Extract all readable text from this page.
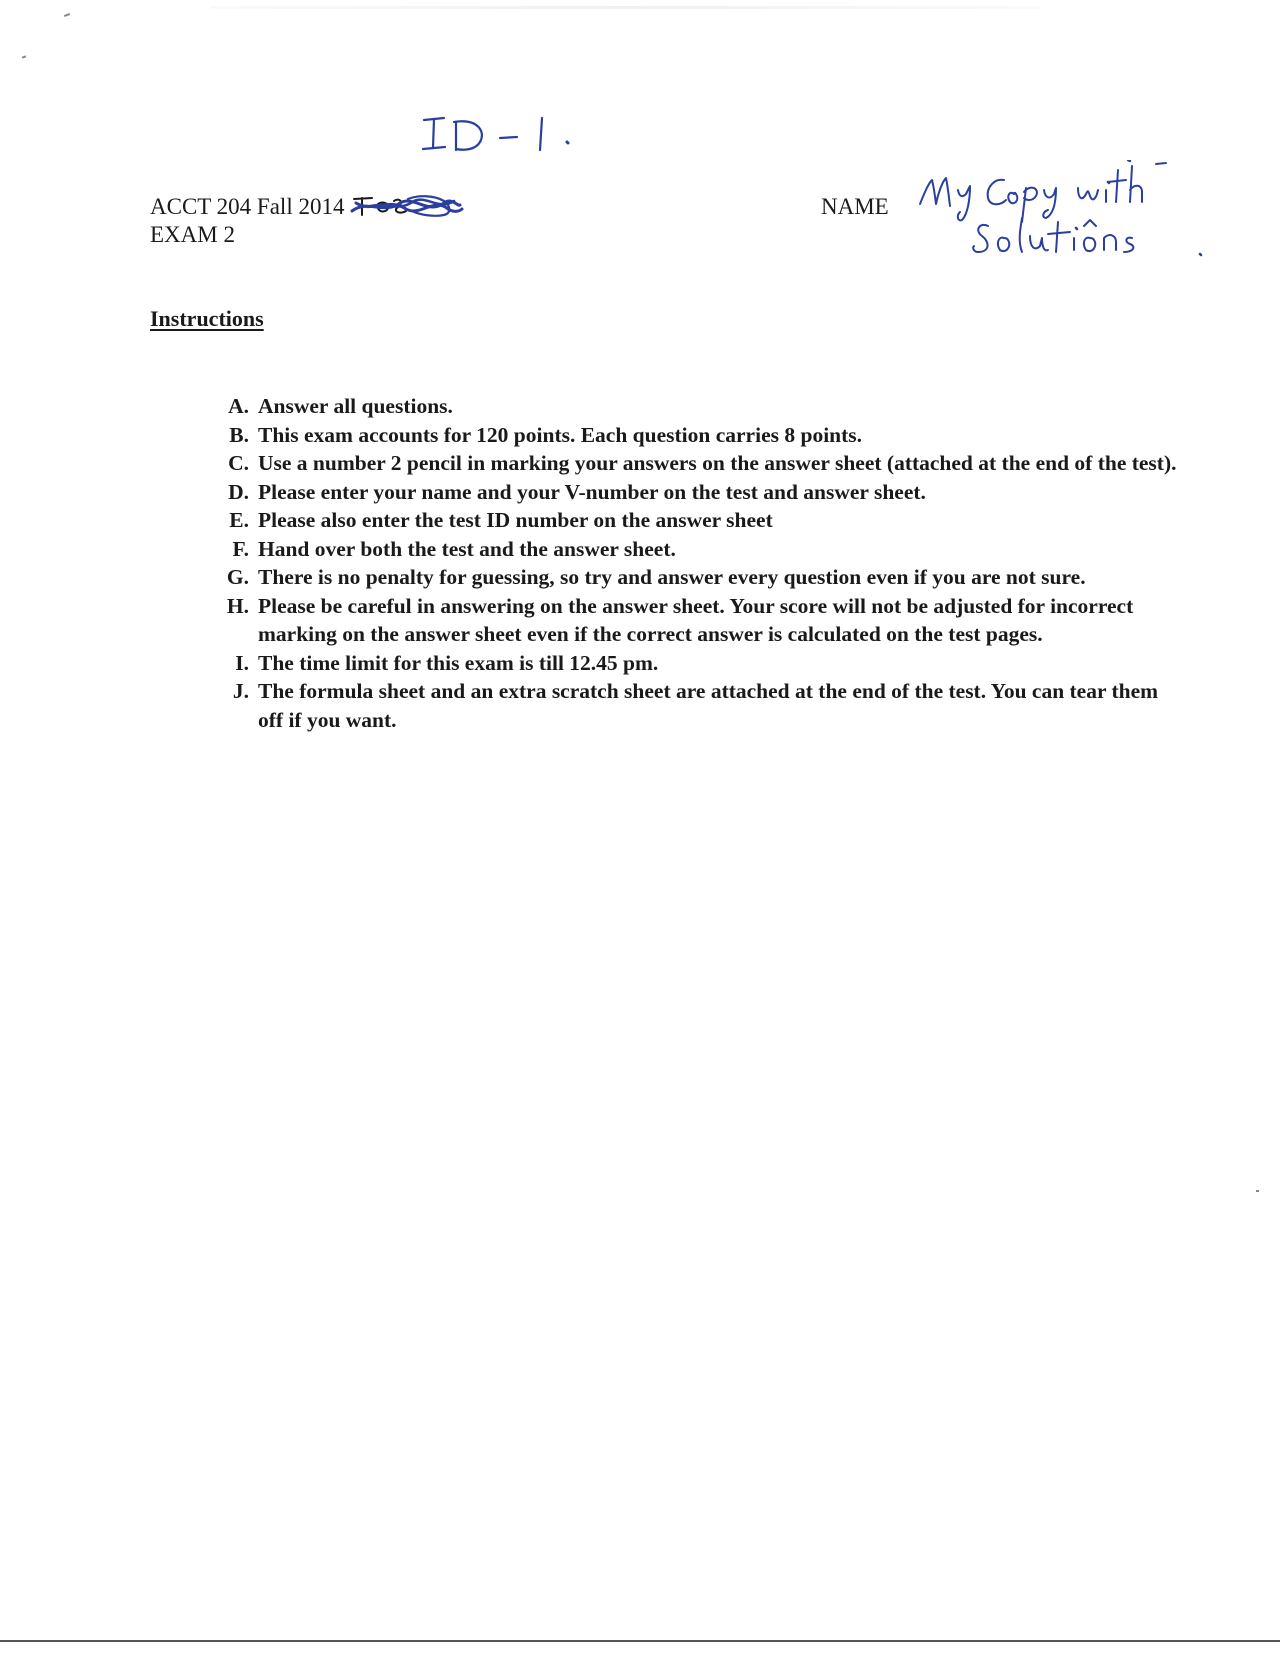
ACCT 204 Fall 2014
EXAM 2
NAME
Instructions
A. Answer all questions.
B. This exam accounts for 120 points. Each question carries 8 points.
C. Use a number 2 pencil in marking your answers on the answer sheet (attached at the end of the test).
D. Please enter your name and your V-number on the test and answer sheet.
E. Please also enter the test ID number on the answer sheet
F. Hand over both the test and the answer sheet.
G. There is no penalty for guessing, so try and answer every question even if you are not sure.
H. Please be careful in answering on the answer sheet. Your score will not be adjusted for incorrect marking on the answer sheet even if the correct answer is calculated on the test pages.
I. The time limit for this exam is till 12.45 pm.
J. The formula sheet and an extra scratch sheet are attached at the end of the test. You can tear them off if you want.
